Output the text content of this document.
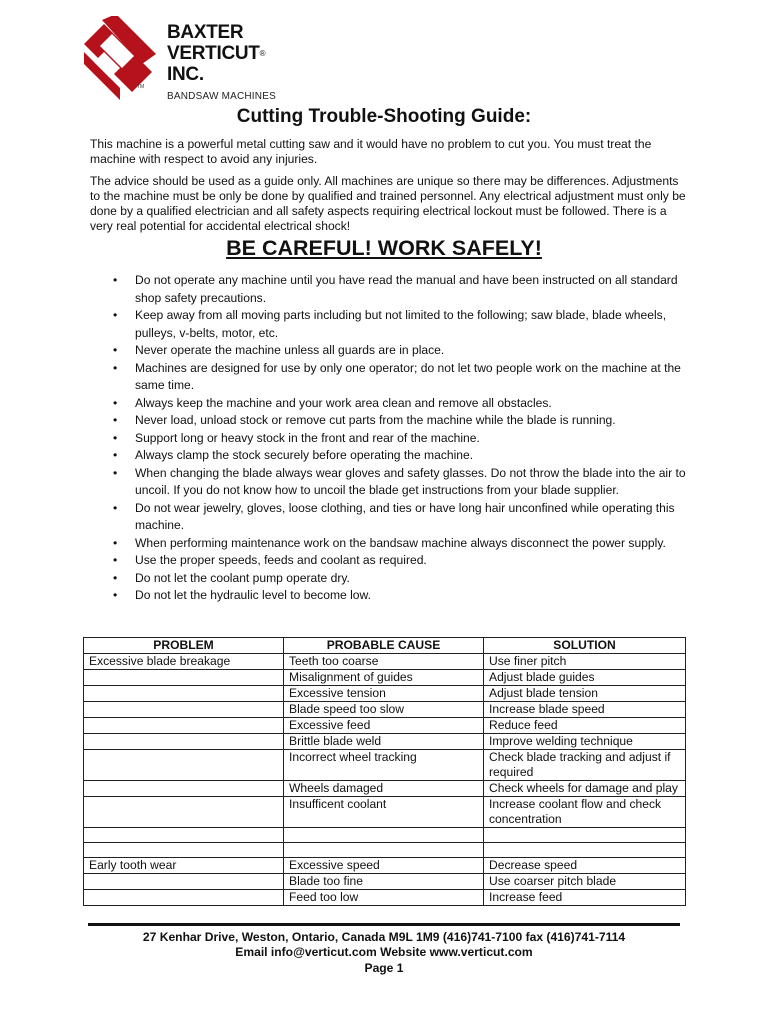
BAXTER
VERTICUT®
INC.
TM
BANDSAW MACHINES
Cutting Trouble-Shooting Guide:

This machine is a powerful metal cutting saw and it would have no problem to cut you. You must treat the machine with respect to avoid any injuries.

The advice should be used as a guide only. All machines are unique so there may be differences. Adjustments to the machine must be only be done by qualified and trained personnel. Any electrical adjustment must only be done by a qualified electrician and all safety aspects requiring electrical lockout must be followed. There is a very real potential for accidental electrical shock!

BE CAREFUL! WORK SAFELY!
• Do not operate any machine until you have read the manual and have been instructed on all standard shop safety precautions.
• Keep away from all moving parts including but not limited to the following; saw blade, blade wheels, pulleys, v-belts, motor, etc.
• Never operate the machine unless all guards are in place.
• Machines are designed for use by only one operator; do not let two people work on the machine at the same time.
• Always keep the machine and your work area clean and remove all obstacles.
• Never load, unload stock or remove cut parts from the machine while the blade is running.
• Support long or heavy stock in the front and rear of the machine.
• Always clamp the stock securely before operating the machine.
• When changing the blade always wear gloves and safety glasses. Do not throw the blade into the air to uncoil. If you do not know how to uncoil the blade get instructions from your blade supplier.
• Do not wear jewelry, gloves, loose clothing, and ties or have long hair unconfined while operating this machine.
• When performing maintenance work on the bandsaw machine always disconnect the power supply.
• Use the proper speeds, feeds and coolant as required.
• Do not let the coolant pump operate dry.
• Do not let the hydraulic level to become low.
PROBLEM	PROBABLE CAUSE	SOLUTION
Excessive blade breakage	Teeth too coarse	Use finer pitch
	Misalignment of guides	Adjust blade guides
	Excessive tension	Adjust blade tension
	Blade speed too slow	Increase blade speed
	Excessive feed	Reduce feed
	Brittle blade weld	Improve welding technique
	Incorrect wheel tracking	Check blade tracking and adjust if required
	Wheels damaged	Check wheels for damage and play
	Insufficent coolant	Increase coolant flow and check concentration

Early tooth wear	Excessive speed	Decrease speed
	Blade too fine	Use coarser pitch blade
	Feed too low	Increase feed
27 Kenhar Drive, Weston, Ontario, Canada M9L 1M9 (416)741-7100 fax (416)741-7114
Email info@verticut.com Website www.verticut.com
Page 1
